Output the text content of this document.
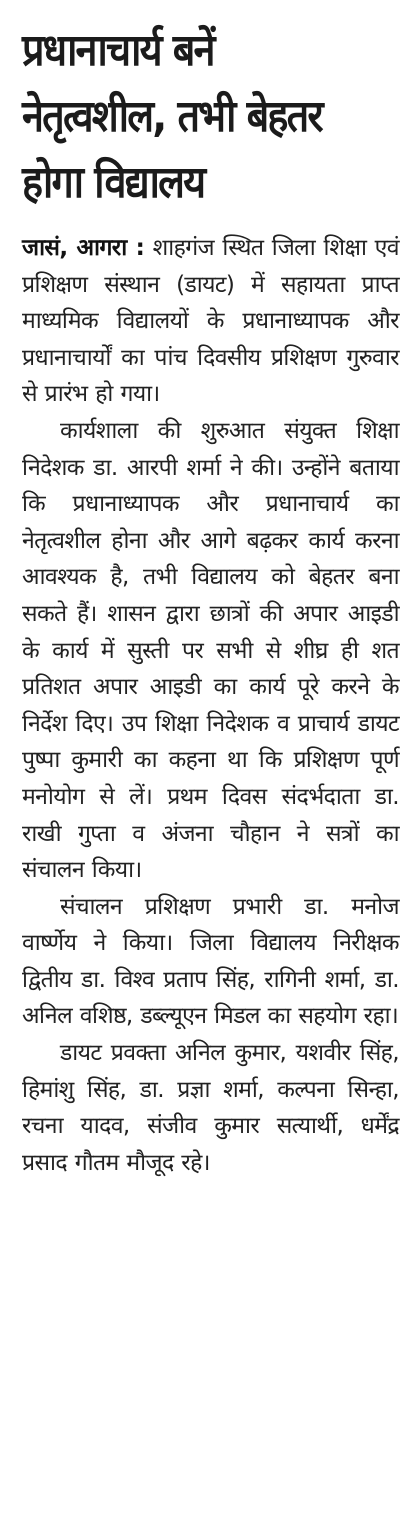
प्रधानाचार्य बनें
नेतृत्वशील, तभी बेहतर
होगा विद्यालय

जासं, आगरा : शाहगंज स्थित जिला शिक्षा एवं प्रशिक्षण संस्थान (डायट) में सहायता प्राप्त माध्यमिक विद्यालयों के प्रधानाध्यापक और प्रधानाचार्यों का पांच दिवसीय प्रशिक्षण गुरुवार से प्रारंभ हो गया।

कार्यशाला की शुरुआत संयुक्त शिक्षा निदेशक डा. आरपी शर्मा ने की। उन्होंने बताया कि प्रधानाध्यापक और प्रधानाचार्य का नेतृत्वशील होना और आगे बढ़कर कार्य करना आवश्यक है, तभी विद्यालय को बेहतर बना सकते हैं। शासन द्वारा छात्रों की अपार आइडी के कार्य में सुस्ती पर सभी से शीघ्र ही शत प्रतिशत अपार आइडी का कार्य पूरे करने के निर्देश दिए। उप शिक्षा निदेशक व प्राचार्य डायट पुष्पा कुमारी का कहना था कि प्रशिक्षण पूर्ण मनोयोग से लें। प्रथम दिवस संदर्भदाता डा. राखी गुप्ता व अंजना चौहान ने सत्रों का संचालन किया।

संचालन प्रशिक्षण प्रभारी डा. मनोज वार्ष्णेय ने किया। जिला विद्यालय निरीक्षक द्वितीय डा. विश्व प्रताप सिंह, रागिनी शर्मा, डा. अनिल वशिष्ठ, डब्ल्यूएन मिडल का सहयोग रहा।

डायट प्रवक्ता अनिल कुमार, यशवीर सिंह, हिमांशु सिंह, डा. प्रज्ञा शर्मा, कल्पना सिन्हा, रचना यादव, संजीव कुमार सत्यार्थी, धर्मेंद्र प्रसाद गौतम मौजूद रहे।
